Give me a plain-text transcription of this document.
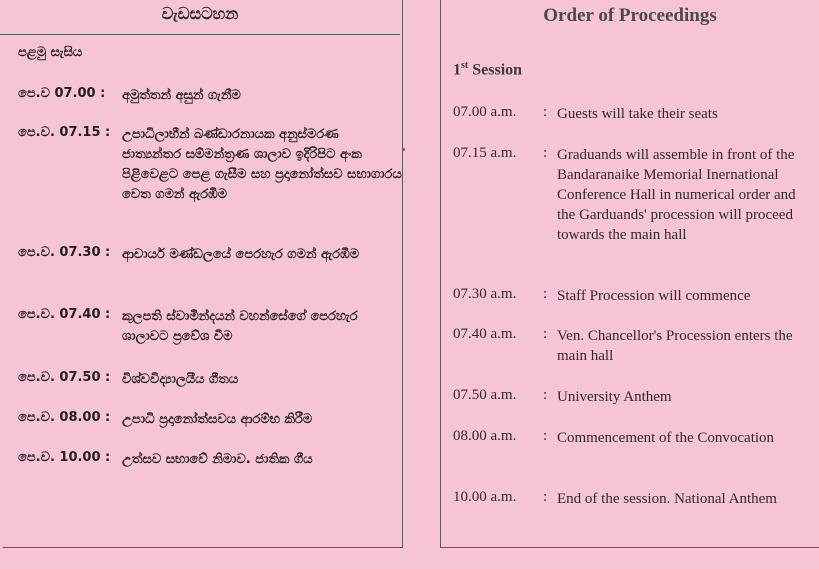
වැඩසටහන
පළමු සැසිය
පෙ.ව 07.00 : අමුත්තන් අසුන් ගැනීම
පෙ.ව. 07.15 : උපාධිලාභීන් බණ්ඩාරනායක අනුස්මරණ ජාත්‍යන්තර සම්මන්ත්‍රණ ශාලාව ඉදිරිපිට අංක පිළිවෙළට පෙළ ගැසීම සහ ප්‍රදානෝත්සව සභාගාරය වෙත ගමන් ඇරඹීම
පෙ.ව. 07.30 : ආචාර්ය මණ්ඩලයේ පෙරහැර ගමන් ඇරඹීම
පෙ.ව. 07.40 : කුලපති ස්වාමීන්දයන් වහන්සේගේ පෙරහැර ශාලාවට ප්‍රවේශ වීම
පෙ.ව. 07.50 : විශ්වවිද්‍යාලයීය ගීතය
පෙ.ව. 08.00 : උපාධි ප්‍රදානෝත්සවය ආරම්භ කිරීම
පෙ.ව. 10.00 : උත්සව සභාවේ නිමාව. ජාතික ගීය
Order of Proceedings
1st Session
07.00 a.m. : Guests will take their seats
07.15 a.m. : Graduands will assemble in front of the Bandaranaike Memorial Inernational Conference Hall in numerical order and the Garduands' procession will proceed towards the main hall
07.30 a.m. : Staff Procession will commence
07.40 a.m. : Ven. Chancellor's Procession enters the main hall
07.50 a.m. : University Anthem
08.00 a.m. : Commencement of the Convocation
10.00 a.m. : End of the session. National Anthem
